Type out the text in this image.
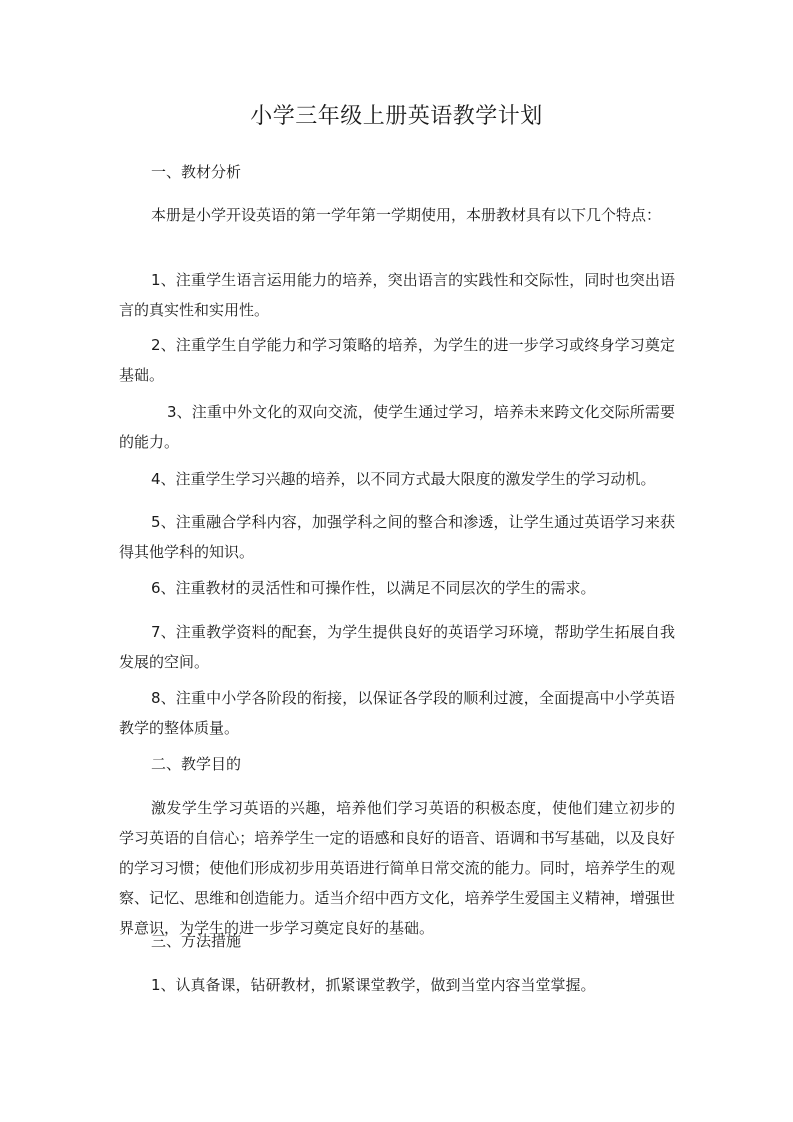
小学三年级上册英语教学计划
一、教材分析
本册是小学开设英语的第一学年第一学期使用，本册教材具有以下几个特点：
1、注重学生语言运用能力的培养，突出语言的实践性和交际性，同时也突出语言的真实性和实用性。
2、注重学生自学能力和学习策略的培养，为学生的进一步学习或终身学习奠定基础。
3、注重中外文化的双向交流，使学生通过学习，培养未来跨文化交际所需要的能力。
4、注重学生学习兴趣的培养，以不同方式最大限度的激发学生的学习动机。
5、注重融合学科内容，加强学科之间的整合和渗透，让学生通过英语学习来获得其他学科的知识。
6、注重教材的灵活性和可操作性，以满足不同层次的学生的需求。
7、注重教学资料的配套，为学生提供良好的英语学习环境，帮助学生拓展自我发展的空间。
8、注重中小学各阶段的衔接，以保证各学段的顺利过渡，全面提高中小学英语教学的整体质量。
二、教学目的
激发学生学习英语的兴趣，培养他们学习英语的积极态度，使他们建立初步的学习英语的自信心；培养学生一定的语感和良好的语音、语调和书写基础，以及良好的学习习惯；使他们形成初步用英语进行简单日常交流的能力。同时，培养学生的观察、记忆、思维和创造能力。适当介绍中西方文化，培养学生爱国主义精神，增强世界意识，为学生的进一步学习奠定良好的基础。
三、方法措施
1、认真备课，钻研教材，抓紧课堂教学，做到当堂内容当堂掌握。
